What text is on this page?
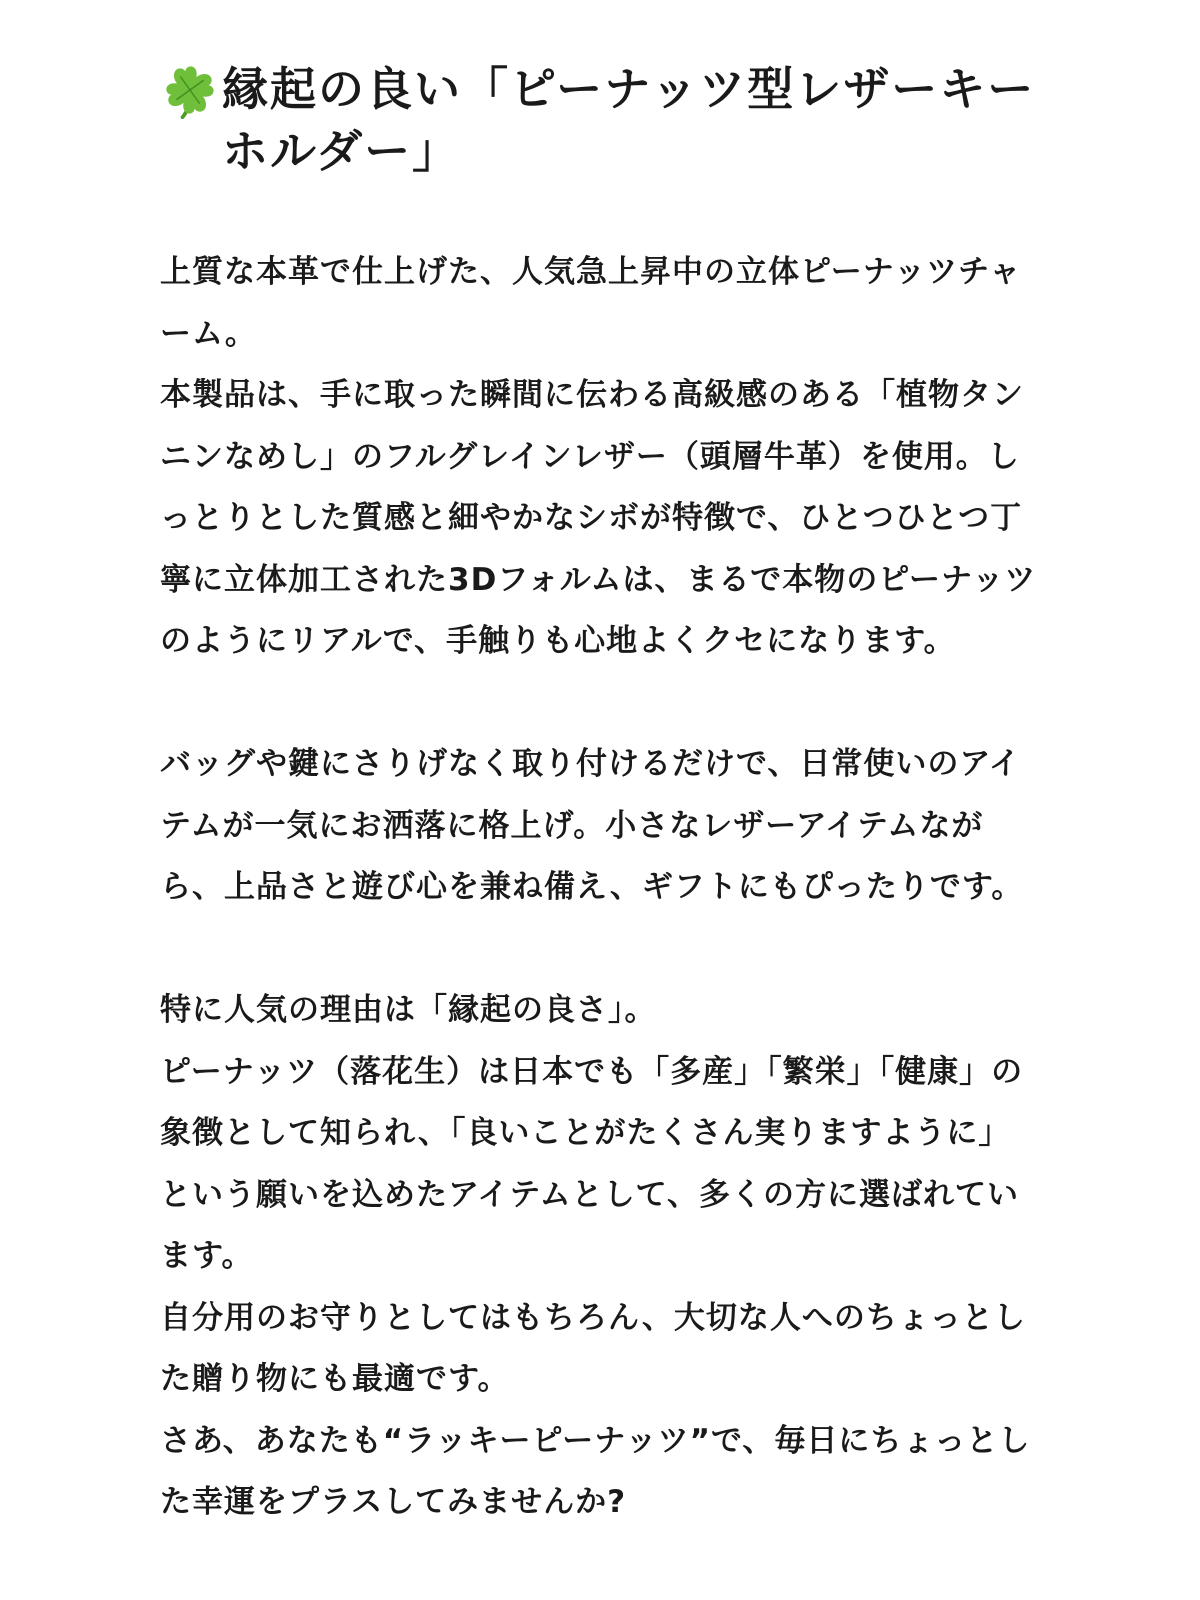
縁起の良い「ピーナッツ型レザーキーホルダー」

上質な本革で仕上げた、人気急上昇中の立体ピーナッツチャーム。

本製品は、手に取った瞬間に伝わる高級感のある「植物タンニンなめし」のフルグレインレザー（頭層牛革）を使用。しっとりとした質感と細やかなシボが特徴で、ひとつひとつ丁寧に立体加工された3Dフォルムは、まるで本物のピーナッツのようにリアルで、手触りも心地よくクセになります。

バッグや鍵にさりげなく取り付けるだけで、日常使いのアイテムが一気にお洒落に格上げ。小さなレザーアイテムながら、上品さと遊び心を兼ね備え、ギフトにもぴったりです。

特に人気の理由は「縁起の良さ」。

ピーナッツ（落花生）は日本でも「多産」「繁栄」「健康」の象徴として知られ、「良いことがたくさん実りますように」という願いを込めたアイテムとして、多くの方に選ばれています。

自分用のお守りとしてはもちろん、大切な人へのちょっとした贈り物にも最適です。

さあ、あなたも“ラッキーピーナッツ”で、毎日にちょっとした幸運をプラスしてみませんか?
